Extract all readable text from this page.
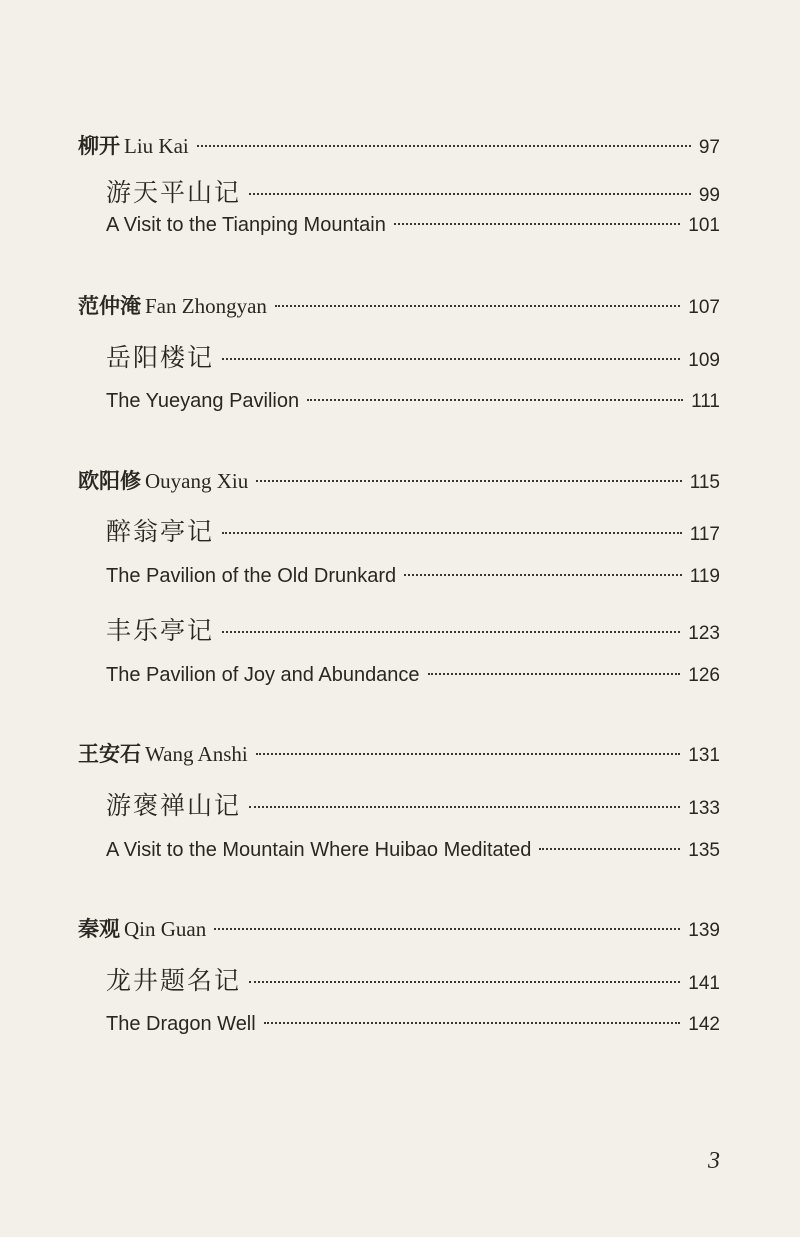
柳开 Liu Kai	97
游天平山记	99
A Visit to the Tianping Mountain	101
范仲淹 Fan Zhongyan	107
岳阳楼记	109
The Yueyang Pavilion	111
欧阳修 Ouyang Xiu	115
醉翁亭记	117
The Pavilion of the Old Drunkard	119
丰乐亭记	123
The Pavilion of Joy and Abundance	126
王安石 Wang Anshi	131
游褒禅山记	133
A Visit to the Mountain Where Huibao Meditated	135
秦观 Qin Guan	139
龙井题名记	141
The Dragon Well	142
3
